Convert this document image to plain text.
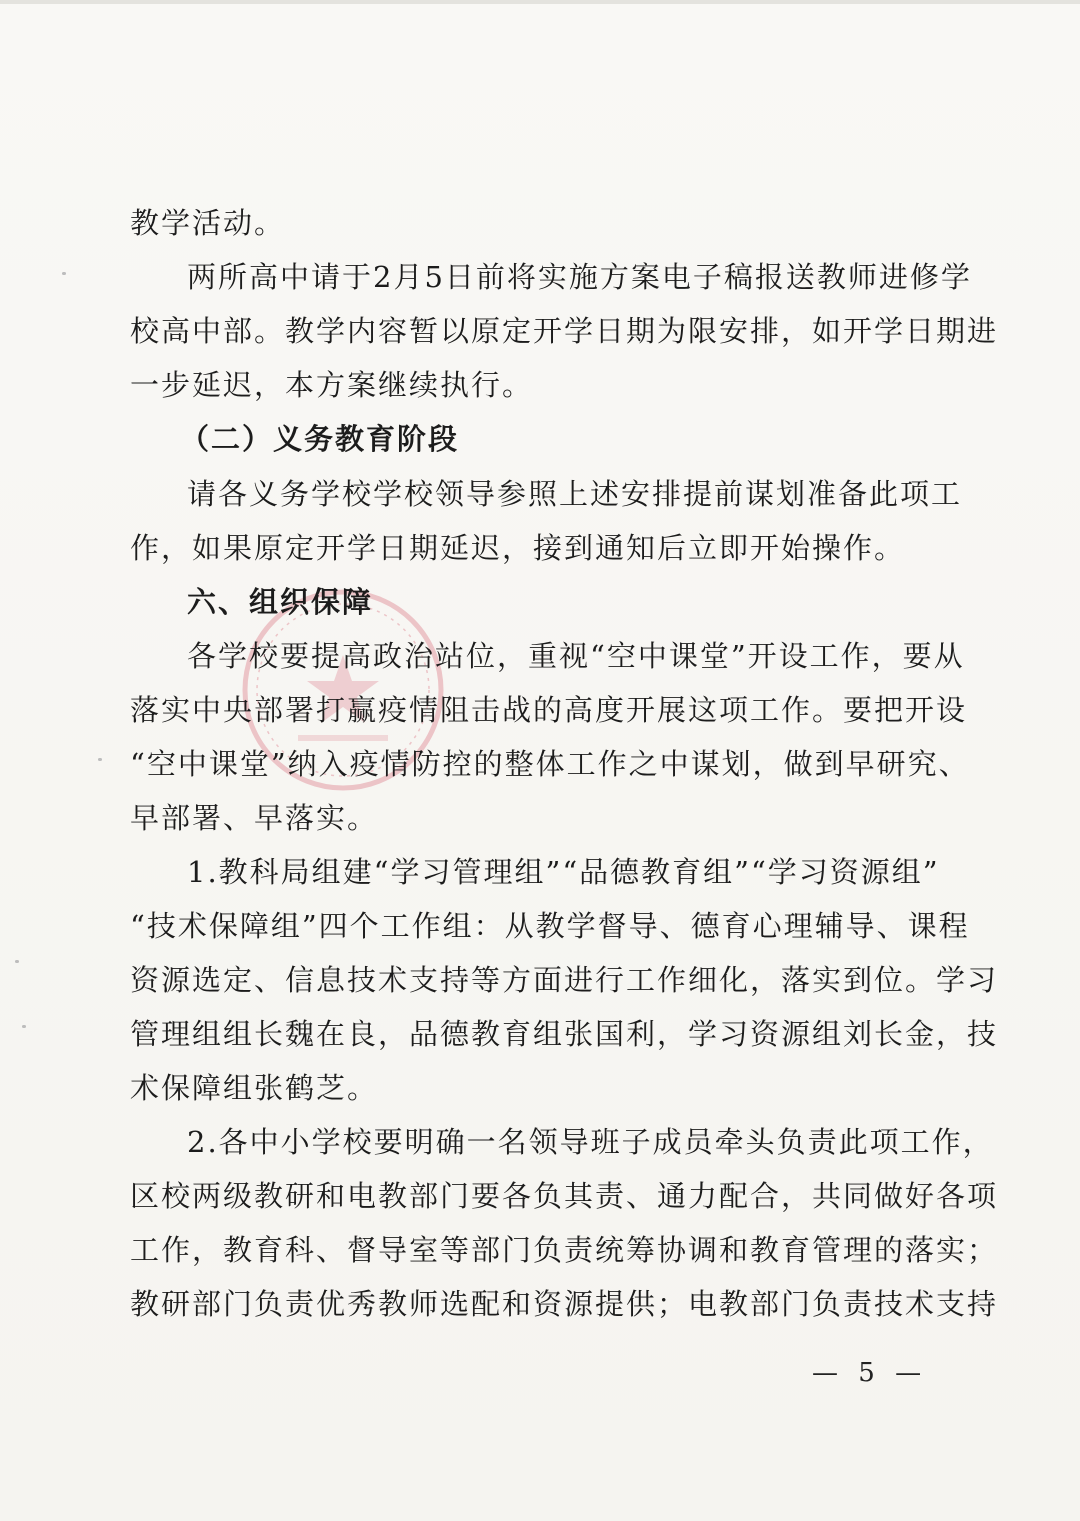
教学活动。
两所高中请于2月5日前将实施方案电子稿报送教师进修学
校高中部。教学内容暂以原定开学日期为限安排，如开学日期进
一步延迟，本方案继续执行。
（二）义务教育阶段
请各义务学校学校领导参照上述安排提前谋划准备此项工
作，如果原定开学日期延迟，接到通知后立即开始操作。
六、组织保障
各学校要提高政治站位，重视“空中课堂”开设工作，要从
落实中央部署打赢疫情阻击战的高度开展这项工作。要把开设
“空中课堂”纳入疫情防控的整体工作之中谋划，做到早研究、
早部署、早落实。
1.教科局组建“学习管理组”“品德教育组”“学习资源组”
“技术保障组”四个工作组：从教学督导、德育心理辅导、课程
资源选定、信息技术支持等方面进行工作细化，落实到位。学习
管理组组长魏在良，品德教育组张国利，学习资源组刘长金，技
术保障组张鹤芝。
2.各中小学校要明确一名领导班子成员牵头负责此项工作，
区校两级教研和电教部门要各负其责、通力配合，共同做好各项
工作，教育科、督导室等部门负责统筹协调和教育管理的落实；
教研部门负责优秀教师选配和资源提供；电教部门负责技术支持
— 5 —
